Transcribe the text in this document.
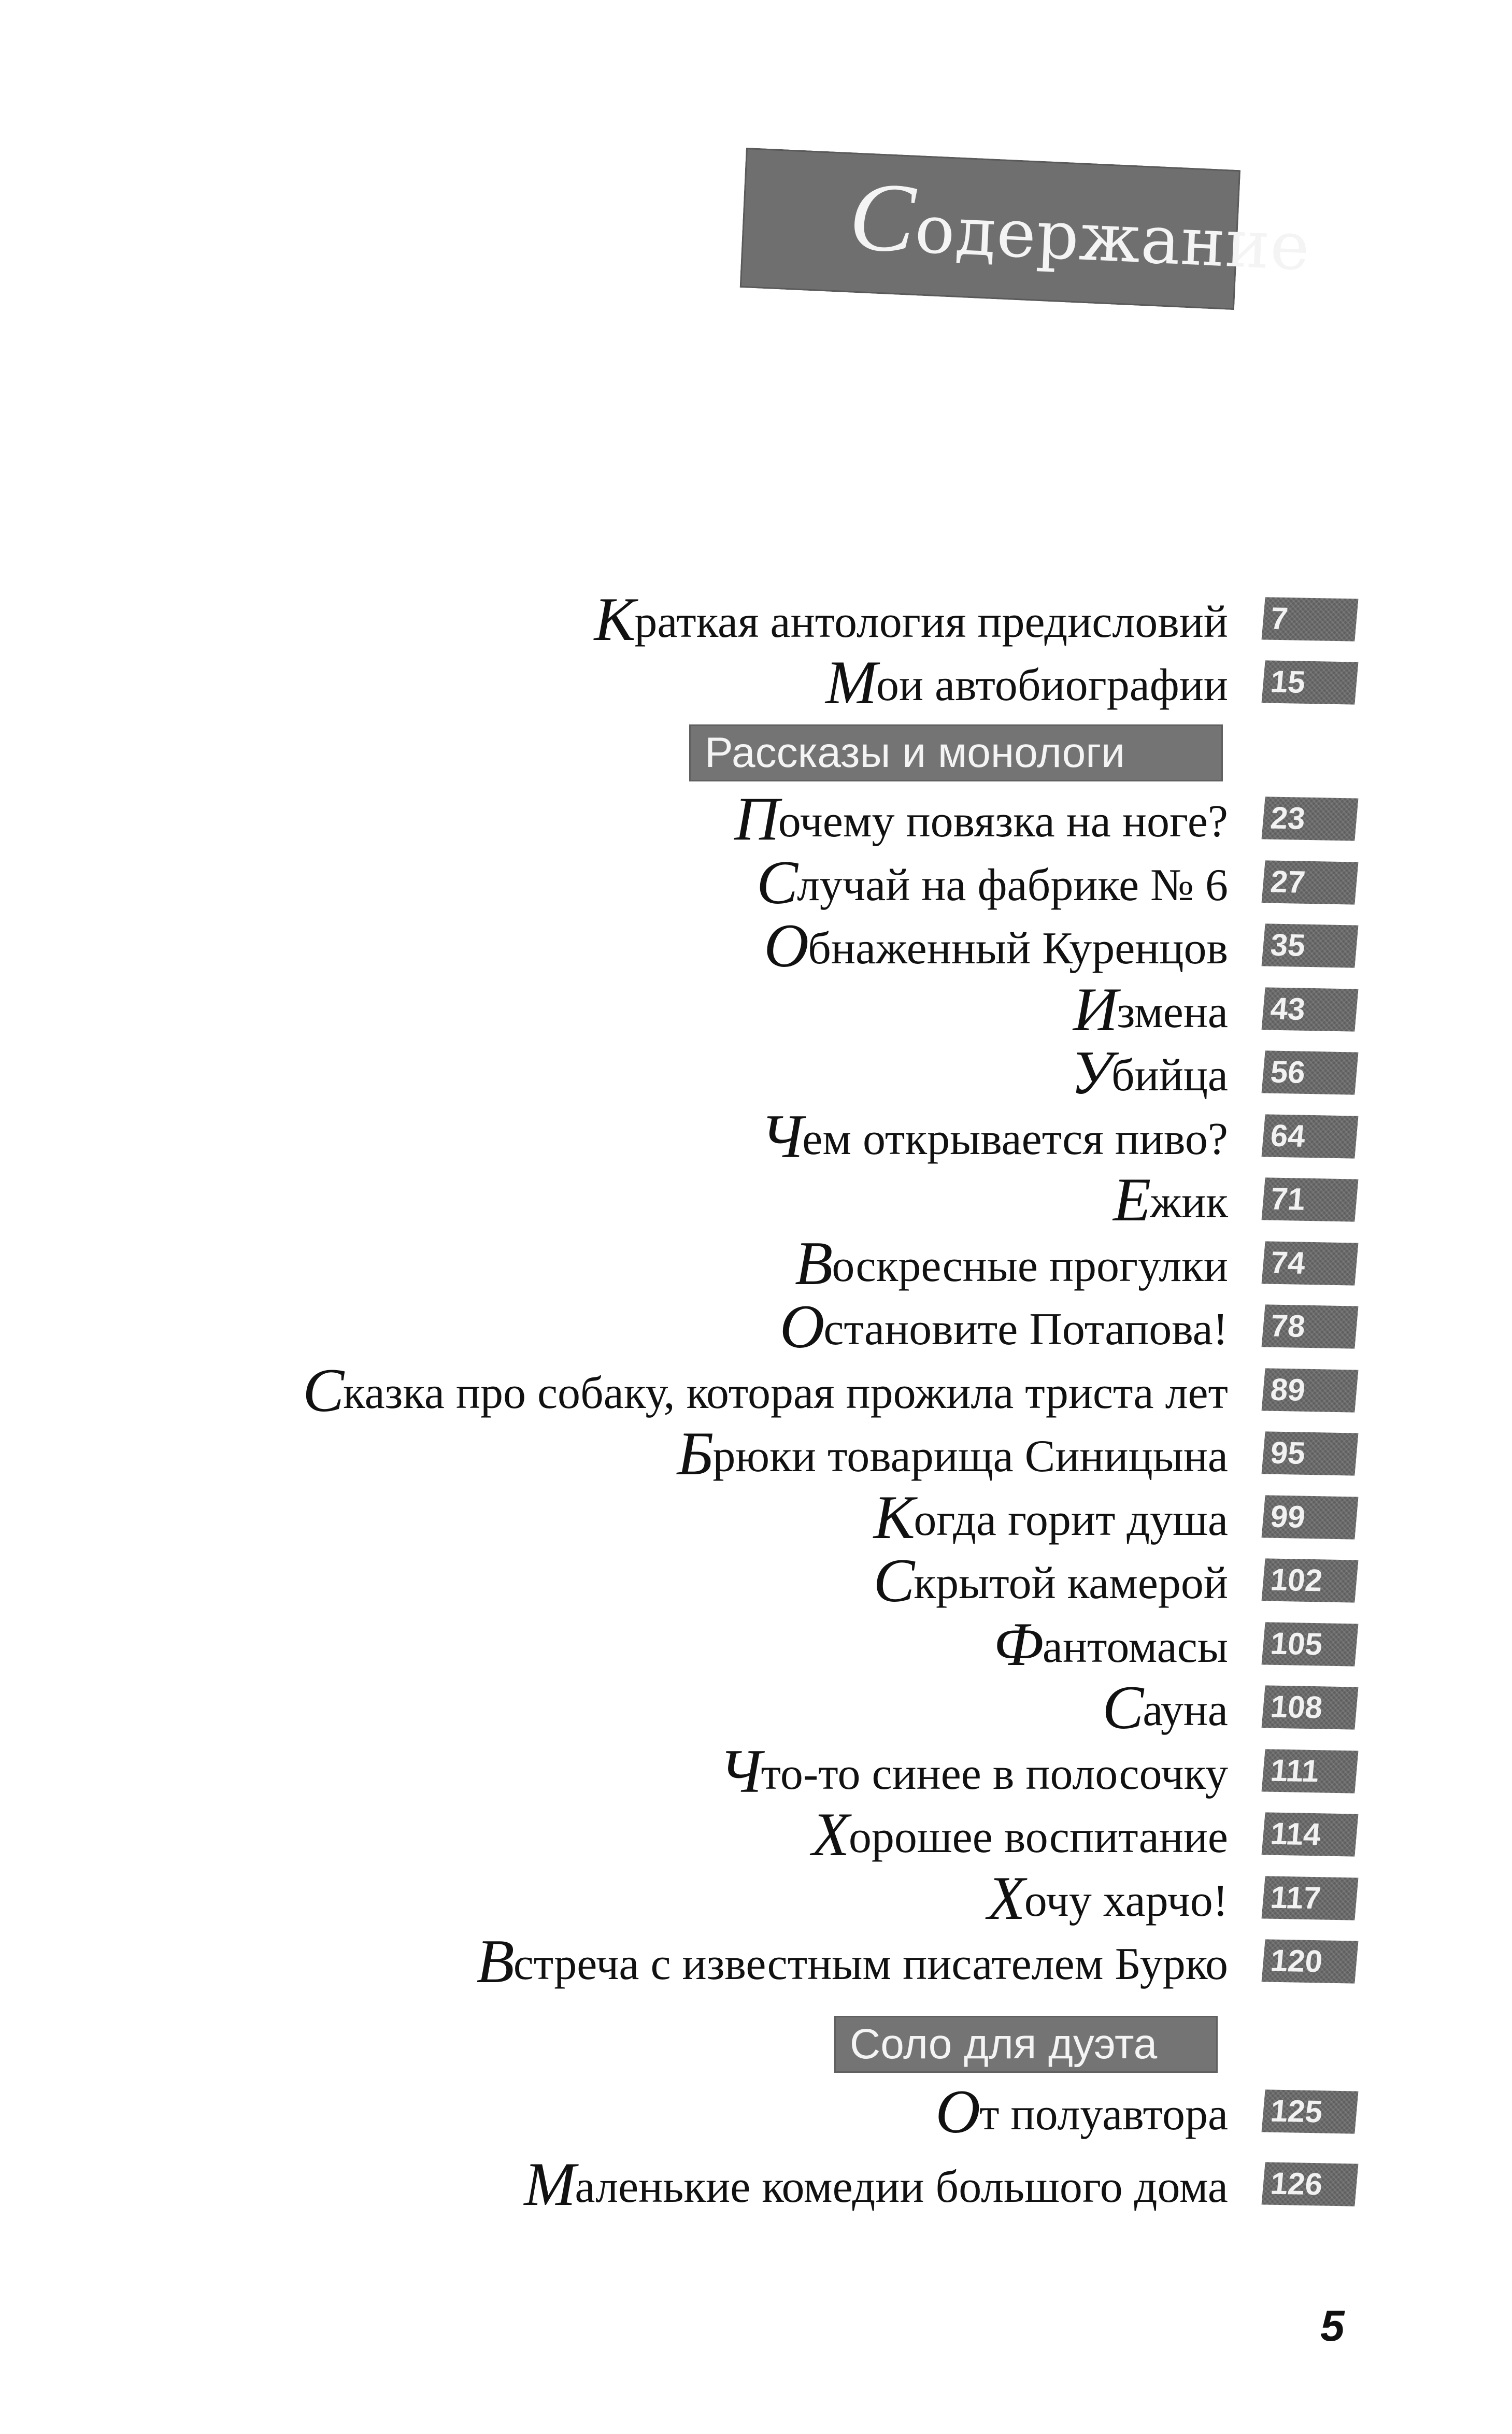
Содержание
Краткая антология предисловий 7
Мои автобиографии 15
Рассказы и монологи
Почему повязка на ноге? 23
Случай на фабрике № 6 27
Обнаженный Куренцов 35
Измена 43
Убийца 56
Чем открывается пиво? 64
Ежик 71
Воскресные прогулки 74
Остановите Потапова! 78
Сказка про собаку, которая прожила триста лет 89
Брюки товарища Синицына 95
Когда горит душа 99
Скрытой камерой 102
Фантомасы 105
Сауна 108
Что-то синее в полосочку 111
Хорошее воспитание 114
Хочу харчо! 117
Встреча с известным писателем Бурко 120
Соло для дуэта
От полуавтора 125
Маленькие комедии большого дома 126
5
